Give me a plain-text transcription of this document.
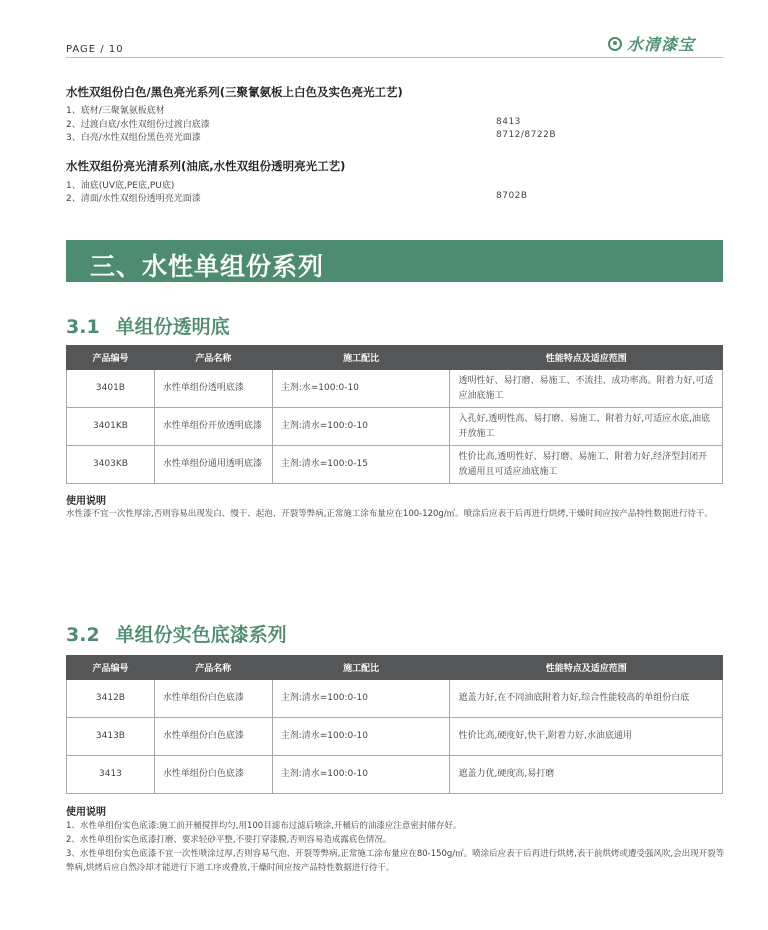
PAGE / 10	水清漆宝
水性双组份白色/黑色亮光系列(三聚氰氨板上白色及实色亮光工艺)
1、底材/三聚氰氨板底材
2、过渡白底/水性双组份过渡白底漆	8413
3、白亮/水性双组份黑色亮光面漆	8712/8722B
水性双组份亮光清系列(油底,水性双组份透明亮光工艺)
1、油底(UV底,PE底,PU底)
2、清面/水性双组份透明亮光面漆	8702B
三、水性单组份系列
3.1 单组份透明底
产品编号	产品名称	施工配比	性能特点及适应范围
3401B	水性单组份透明底漆	主剂:水=100:0-10	透明性好、易打磨、易施工、不流挂、成功率高。附着力好,可适应油底施工
3401KB	水性单组份开放透明底漆	主剂:清水=100:0-10	入孔好,透明性高、易打磨、易施工、附着力好,可适应水底,油底开放施工
3403KB	水性单组份通用透明底漆	主剂:清水=100:0-15	性价比高,透明性好、易打磨、易施工、附着力好,经济型封闭开放通用且可适应油底施工
使用说明
水性漆不宜一次性厚涂,否则容易出现发白、慢干、起泡、开裂等弊病,正常施工涂布量应在100-120g/㎡。喷涂后应表干后再进行烘烤,干燥时间应按产品特性数据进行待干。
3.2 单组份实色底漆系列
产品编号	产品名称	施工配比	性能特点及适应范围
3412B	水性单组份白色底漆	主剂:清水=100:0-10	遮盖力好,在不同油底附着力好,综合性能较高的单组份白底
3413B	水性单组份白色底漆	主剂:清水=100:0-10	性价比高,硬度好,快干,附着力好,水油底通用
3413	水性单组份白色底漆	主剂:清水=100:0-10	遮盖力优,硬度高,易打磨
使用说明
1、水性单组份实色底漆:施工前开桶搅拌均匀,用100目滤布过滤后喷涂,开桶后的油漆应注意密封储存好。
2、水性单组份实色底漆打磨、要求轻砂平整,不要打穿漆膜,否则容易造成露底色情况。
3、水性单组份实色底漆不宜一次性喷涂过厚,否则容易气泡、开裂等弊病,正常施工涂布量应在80-150g/㎡。喷涂后应表干后再进行烘烤,表干前烘烤或遭受强风吹,会出现开裂等弊病,烘烤后应自然冷却才能进行下道工序或叠放,干燥时间应按产品特性数据进行待干。
